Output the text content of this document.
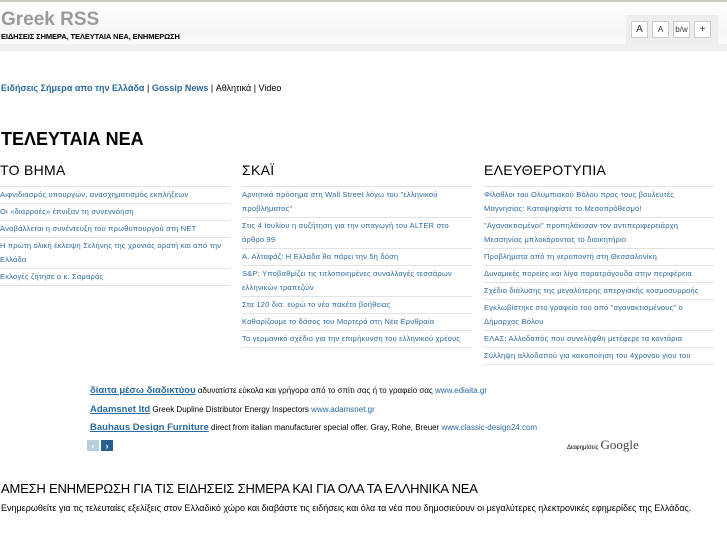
Greek RSS
ΕΙΔΗΣΕΙΣ ΣΗΜΕΡΑ, ΤΕΛΕΥΤΑΙΑ ΝΕΑ, ΕΝΗΜΕΡΩΣΗ
A	A	b/w	+
Ειδήσεις Σήμερα απο την Ελλάδα | Gossip News | Αθλητικά | Video
ΤΕΛΕΥΤΑΙΑ ΝΕΑ
ΤΟ ΒΗΜΑ
Αιφνιδιασμός υπουργών, ανασχηματισμός εκπλήξεων
Οι «διαρροές» έπνιξαν τη συνεννόηση
Αναβάλλεται η συνέντευξη του πρωθυπουργού στη ΝΕΤ
Η πρώτη ολική έκλειψη Σελήνης της χρονιάς ορατή και από την Ελλάδα
Εκλογές ζήτησε ο κ. Σαμαράς
ΣΚΑΪ
Αρνητικά πρόσημα στη Wall Street λόγω του "ελληνικού προβλήματος"
Στις 4 Ιουλίου η συζήτηση για την υπαγωγή του ALTER στο άρθρο 99
Α. Αλταφάζ: Η Ελλάδα θα πάρει την 5η δόση
S&P: Υποβαθμίζει τις τιτλοποιημένες συναλλαγές τεσσάρων ελληνικών τραπεζών
Στα 120 δισ. ευρώ το νέο πακέτο βοήθειας
Καθαρίζουμε το δάσος του Μορτερό στη Νέα Ερυθραία
Το γερμανικό σχέδιο για την επιμήκυνση του ελληνικού χρέους
ΕΛΕΥΘΕΡΟΤΥΠΙΑ
Φίλαθλοι του Ολυμπιακού Βόλου προς τους βουλευτές Μαγνησίας: Καταψηφίστε το Μεσοπρόθεσμο!
"Αγανακτισμένοι" προπηλάκισαν τον αντιπεριφερειάρχη Μεσσηνίας μπλοκάροντας το διοικητήριο
Προβλήματα από τη νεροποντή στη Θεσσαλονίκη
Δυναμικές πορείες και λίγα παρατράγουδα στην περιφέρεια
Σχέδιο διάλυσης της μεγαλύτερης απεργιακής κοσμοσυρροής
Εγκλωβίστηκε στο γραφείο του από "αγανακτισμένους" ο Δήμαρχος Βόλου
ΕΛΑΣ: Αλλοδαπός που συνελήφθη μετέφερε τα κοντάρια
Σύλληψη αλλοδαπού για κακοποίηση του 4χρονου γιου του
δίαιτα μέσω διαδικτύου αδυνατίστε εύκολα και γρήγορα από το σπίτι σας ή το γραφείο σας www.ediaita.gr
Adamsnet ltd Greek Dupline Distributor Energy Inspectors www.adamsnet.gr
Bauhaus Design Furniture direct from italian manufacturer special offer. Gray, Rohe, Breuer www.classic-design24.com
‹	›	Διαφημίσεις Google
ΑΜΕΣΗ ΕΝΗΜΕΡΩΣΗ ΓΙΑ ΤΙΣ ΕΙΔΗΣΕΙΣ ΣΗΜΕΡΑ ΚΑΙ ΓΙΑ ΟΛΑ ΤΑ ΕΛΛΗΝΙΚΑ ΝΕΑ

Ενημερωθείτε για τις τελευταίες εξελίξεις στον Ελλαδικό χώρο και διαβάστε τις ειδήσεις και όλα τα νέα που δημοσιεύουν οι μεγαλύτερες ηλεκτρονικές εφημερίδες της Ελλάδας.
